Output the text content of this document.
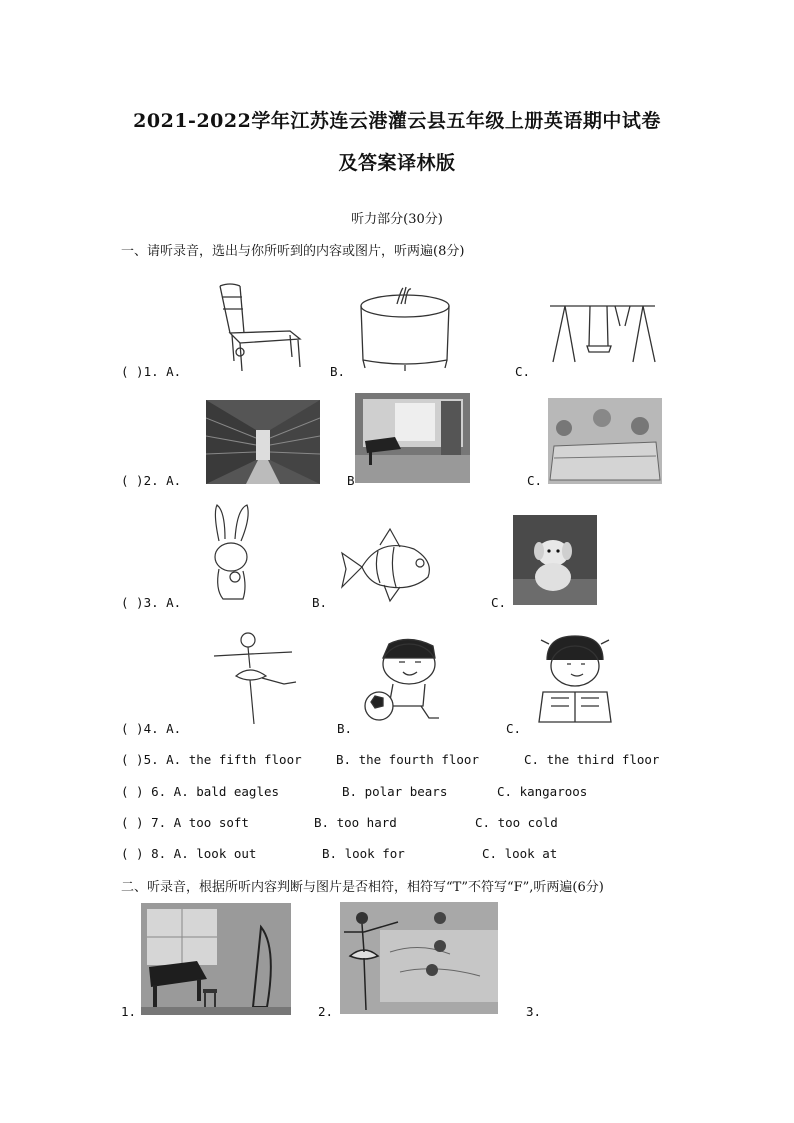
2021-2022学年江苏连云港灌云县五年级上册英语期中试卷
及答案译林版
听力部分(30分)
一、请听录音，选出与你所听到的内容或图片，听两遍(8分)
( )1. A.	B.	C.
( )2. A.	B	C.
( )3. A.	B.	C.
( )4. A.	B.	C.
( )5. A. the fifth floor	B. the fourth floor	C. the third floor
( ) 6. A. bald eagles	B. polar bears	C. kangaroos
( ) 7. A too soft	B. too hard	C. too cold
( ) 8. A. look out	B. look for	C. look at
二、听录音，根据所听内容判断与图片是否相符，相符写“T”不符写“F”,听两遍(6分)
1.	2.	3.
